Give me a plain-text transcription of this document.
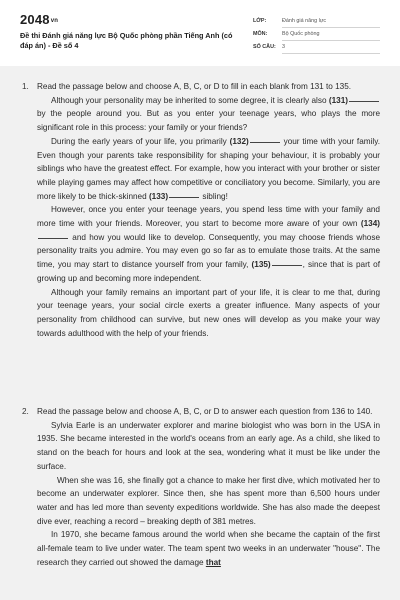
$2048_{vn}$
Đề thi Đánh giá năng lực Bộ Quốc phòng phần Tiếng Anh (có đáp án) - Đề số 4
LỚP:	Đánh giá năng lực
MÔN:	Bộ Quốc phòng
SỐ CÂU: 3
1. Read the passage below and choose A, B, C, or D to fill in each blank from 131 to 135.

Although your personality may be inherited to some degree, it is clearly also (131) by the people around you. But as you enter your teenage years, who plays the more significant role in this process: your family or your friends?

During the early years of your life, you primarily (132)	your time with your family. Even though your parents take responsibility for shaping your behaviour, it is probably your siblings who have the greatest effect. For example, how you interact with your brother or sister while playing games may affect how competitive or conciliatory you become. Similarly, you are more likely to be thick-skinned (133)	sibling!

However, once you enter your teenage years, you spend less time with your family and more time with your friends. Moreover, you start to become more aware of your own (134) and how you would like to develop. Consequently, you may choose friends whose personality traits you admire. You may even go so far as to emulate those traits. At the same time, you may start to distance yourself from your family, (135)	, since that is part of growing up and becoming more independent.

Although your family remains an important part of your life, it is clear to me that, during your teenage years, your social circle exerts a greater influence. Many aspects of your personality from childhood can survive, but new ones will develop as you make your way towards adulthood with the help of your friends.

2. Read the passage below and choose A, B, C, or D to answer each question from 136 to 140.

Sylvia Earle is an underwater explorer and marine biologist who was born in the USA in 1935. She became interested in the world's oceans from an early age. As a child, she liked to stand on the beach for hours and look at the sea, wondering what it must be like under the surface.

When she was 16, she finally got a chance to make her first dive, which motivated her to become an underwater explorer. Since then, she has spent more than 6,500 hours under water and has led more than seventy expeditions worldwide. She has also made the deepest dive ever, reaching a record – breaking depth of 381 metres.

In 1970, she became famous around the world when she became the captain of the first all-female team to live under water. The team spent two weeks in an underwater "house". The research they carried out showed the damage that
